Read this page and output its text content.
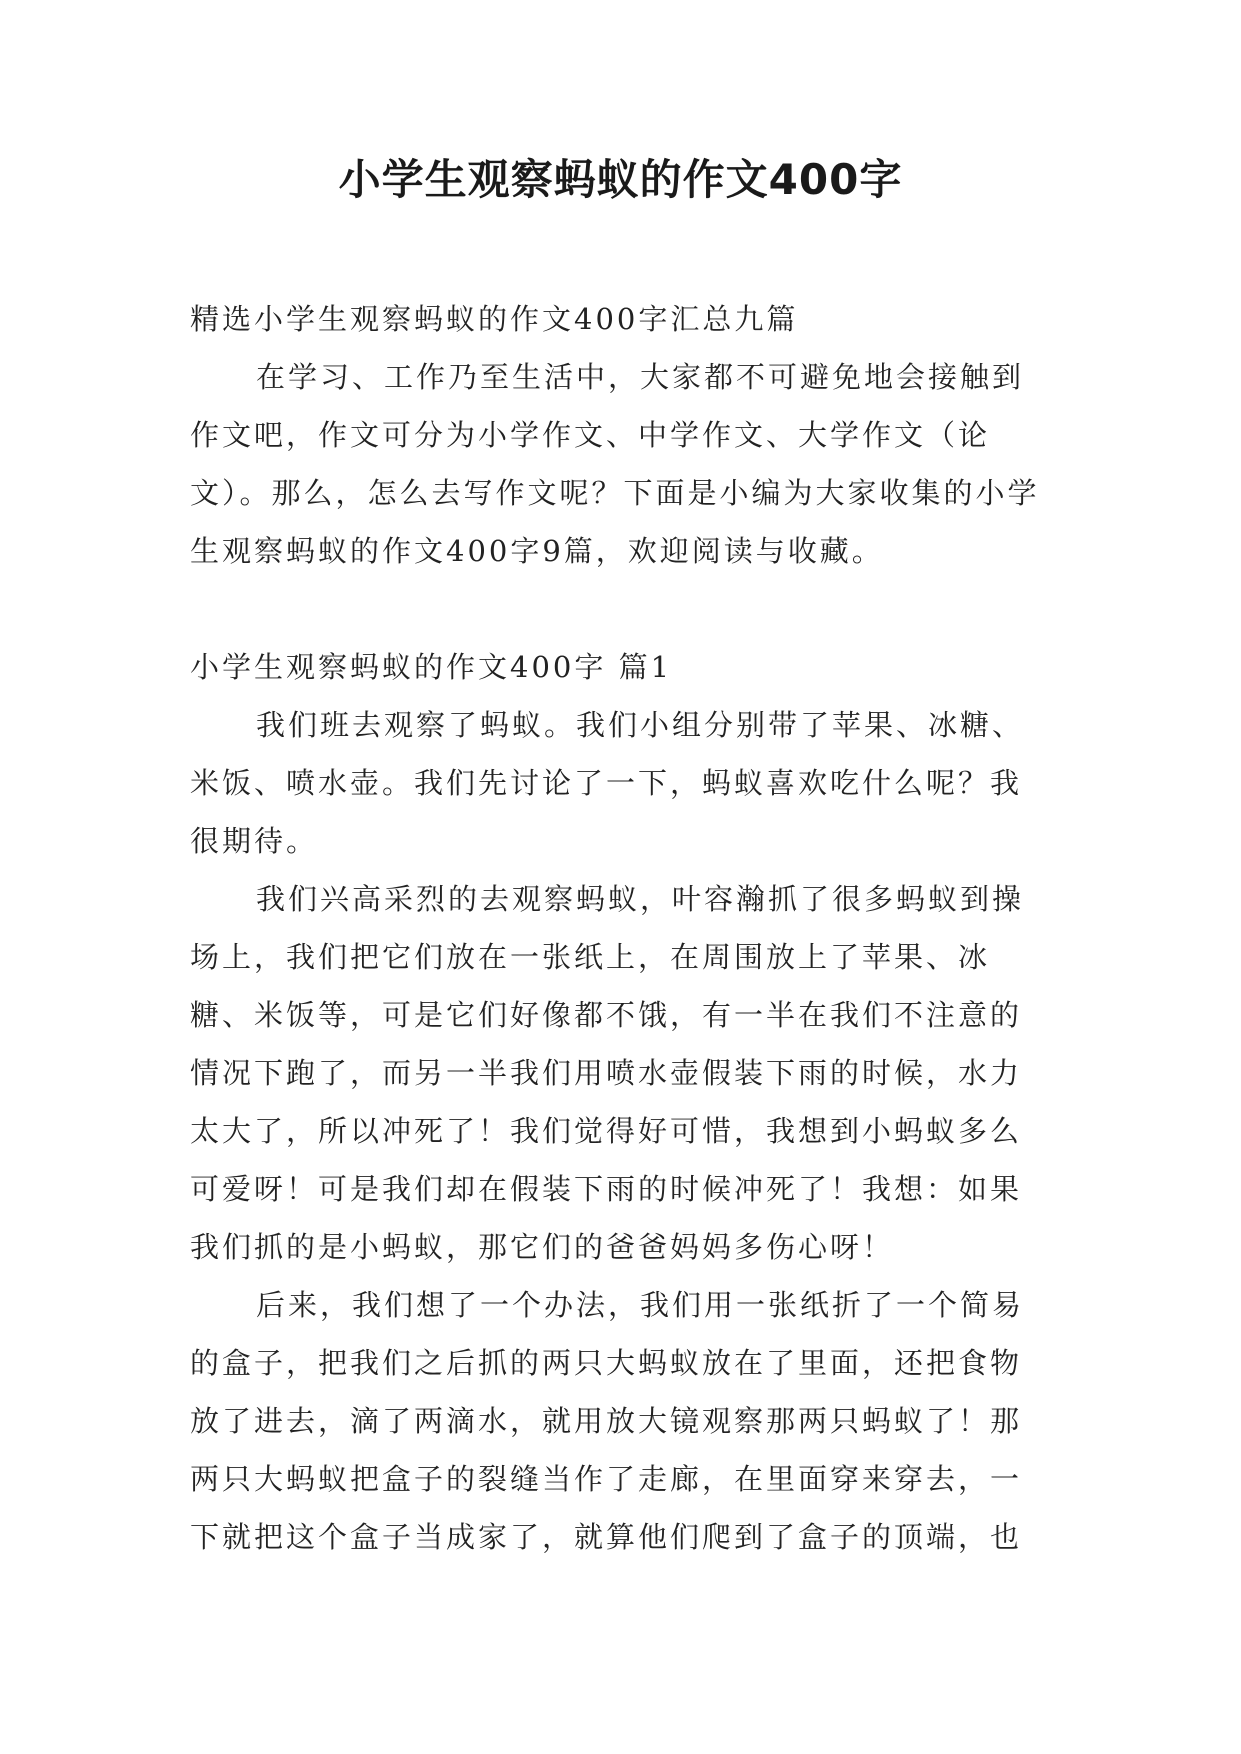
小学生观察蚂蚁的作文400字

精选小学生观察蚂蚁的作文400字汇总九篇

在学习、工作乃至生活中，大家都不可避免地会接触到作文吧，作文可分为小学作文、中学作文、大学作文（论文）。那么，怎么去写作文呢？下面是小编为大家收集的小学生观察蚂蚁的作文400字9篇，欢迎阅读与收藏。

小学生观察蚂蚁的作文400字 篇1

我们班去观察了蚂蚁。我们小组分别带了苹果、冰糖、米饭、喷水壶。我们先讨论了一下，蚂蚁喜欢吃什么呢？我很期待。

我们兴高采烈的去观察蚂蚁，叶容瀚抓了很多蚂蚁到操场上，我们把它们放在一张纸上，在周围放上了苹果、冰糖、米饭等，可是它们好像都不饿，有一半在我们不注意的情况下跑了，而另一半我们用喷水壶假装下雨的时候，水力太大了，所以冲死了！我们觉得好可惜，我想到小蚂蚁多么可爱呀！可是我们却在假装下雨的时候冲死了！我想：如果我们抓的是小蚂蚁，那它们的爸爸妈妈多伤心呀！

后来，我们想了一个办法，我们用一张纸折了一个简易的盒子，把我们之后抓的两只大蚂蚁放在了里面，还把食物放了进去，滴了两滴水，就用放大镜观察那两只蚂蚁了！那两只大蚂蚁把盒子的裂缝当作了走廊，在里面穿来穿去，一下就把这个盒子当成家了，就算他们爬到了盒子的顶端，也
